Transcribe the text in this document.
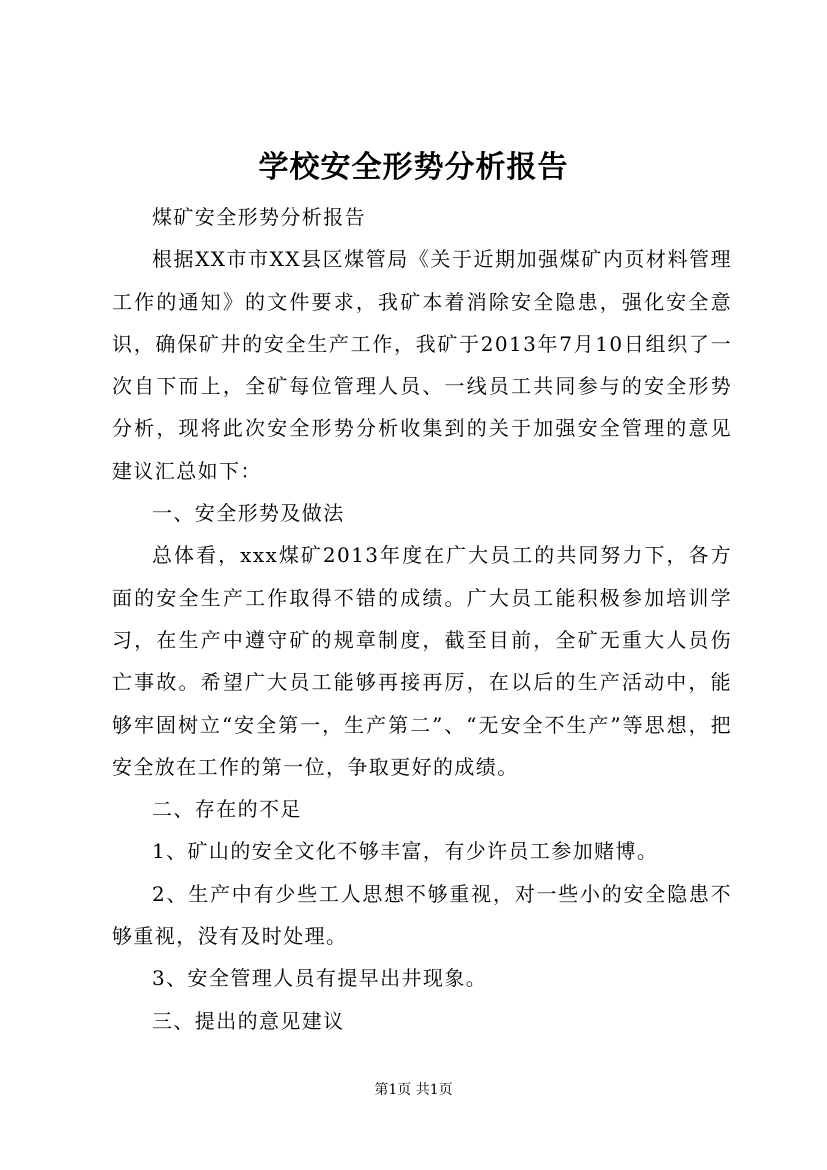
学校安全形势分析报告

煤矿安全形势分析报告

根据XX市市XX县区煤管局《关于近期加强煤矿内页材料管理工作的通知》的文件要求，我矿本着消除安全隐患，强化安全意识，确保矿井的安全生产工作，我矿于2013年7月10日组织了一次自下而上，全矿每位管理人员、一线员工共同参与的安全形势分析，现将此次安全形势分析收集到的关于加强安全管理的意见建议汇总如下：

一、安全形势及做法

总体看，xxx煤矿2013年度在广大员工的共同努力下，各方面的安全生产工作取得不错的成绩。广大员工能积极参加培训学习，在生产中遵守矿的规章制度，截至目前，全矿无重大人员伤亡事故。希望广大员工能够再接再厉，在以后的生产活动中，能够牢固树立“安全第一，生产第二”、“无安全不生产”等思想，把安全放在工作的第一位，争取更好的成绩。

二、存在的不足

1、矿山的安全文化不够丰富，有少许员工参加赌博。

2、生产中有少些工人思想不够重视，对一些小的安全隐患不够重视，没有及时处理。

3、安全管理人员有提早出井现象。

三、提出的意见建议

第1页 共1页
